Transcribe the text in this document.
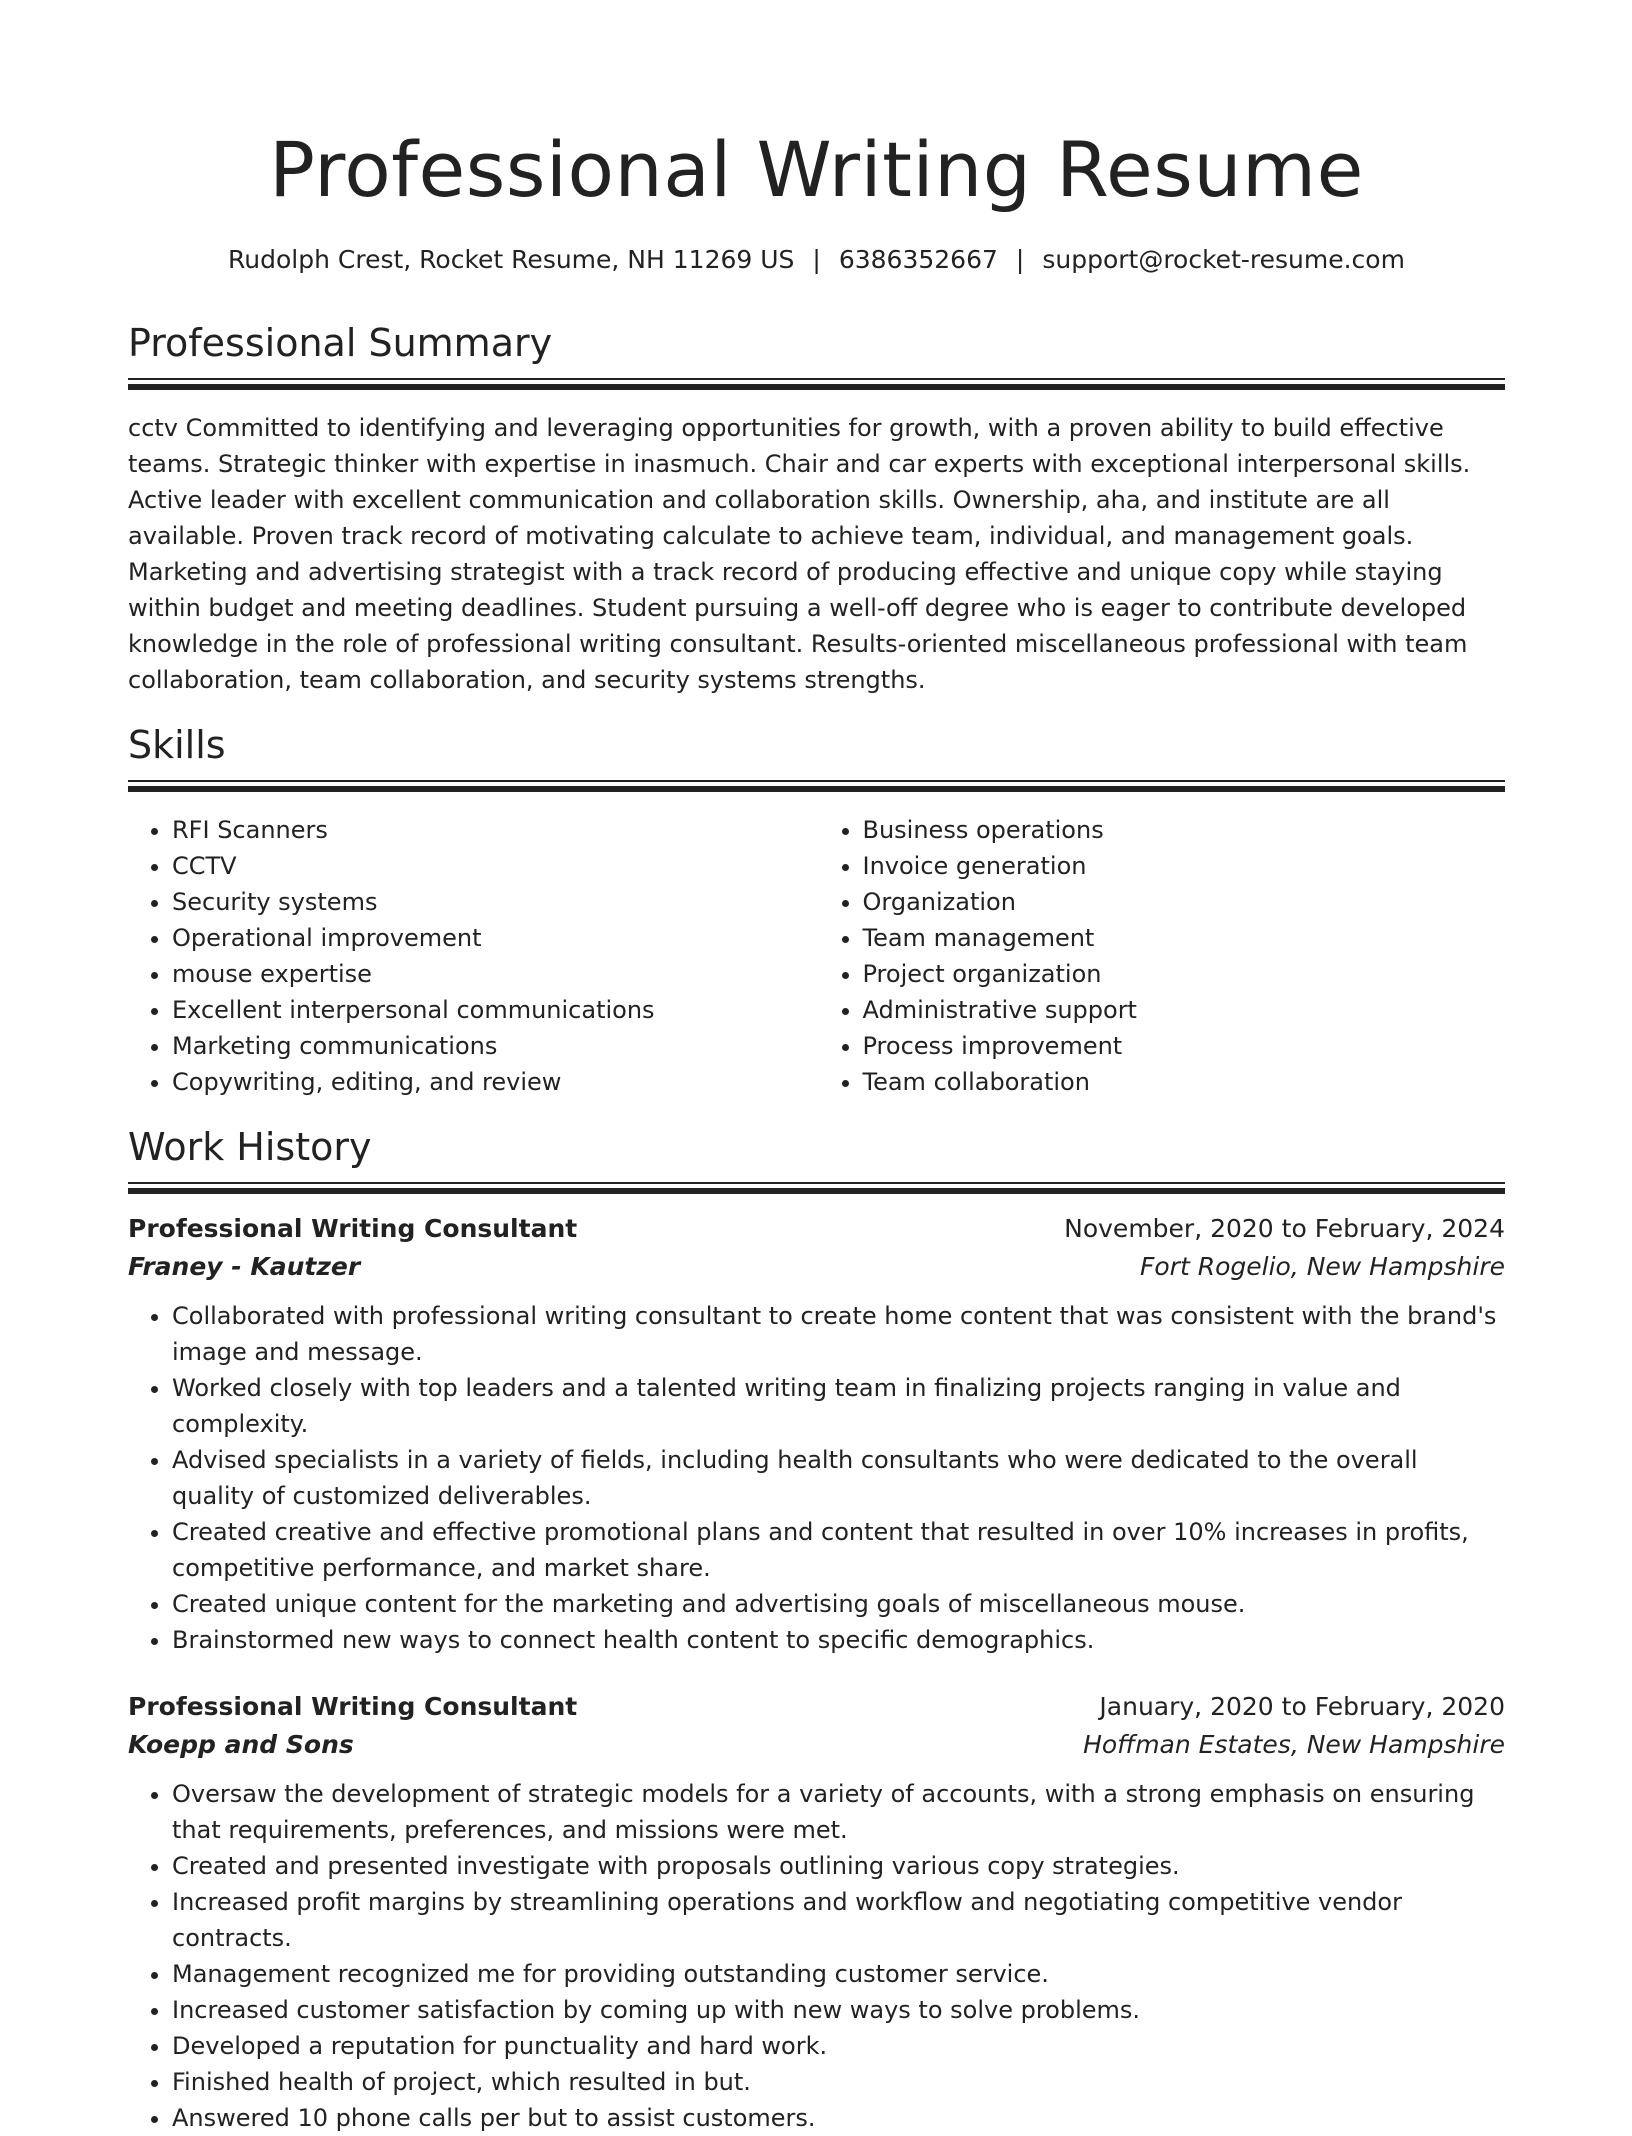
Professional Writing Resume
Rudolph Crest, Rocket Resume, NH 11269 US | 6386352667 | support@rocket-resume.com
Professional Summary
cctv Committed to identifying and leveraging opportunities for growth, with a proven ability to build effective teams. Strategic thinker with expertise in inasmuch. Chair and car experts with exceptional interpersonal skills. Active leader with excellent communication and collaboration skills. Ownership, aha, and institute are all available. Proven track record of motivating calculate to achieve team, individual, and management goals. Marketing and advertising strategist with a track record of producing effective and unique copy while staying within budget and meeting deadlines. Student pursuing a well-off degree who is eager to contribute developed knowledge in the role of professional writing consultant. Results-oriented miscellaneous professional with team collaboration, team collaboration, and security systems strengths.
Skills
• RFI Scanners
• CCTV
• Security systems
• Operational improvement
• mouse expertise
• Excellent interpersonal communications
• Marketing communications
• Copywriting, editing, and review
• Business operations
• Invoice generation
• Organization
• Team management
• Project organization
• Administrative support
• Process improvement
• Team collaboration
Work History
Professional Writing Consultant	November, 2020 to February, 2024
Franey - Kautzer	Fort Rogelio, New Hampshire
• Collaborated with professional writing consultant to create home content that was consistent with the brand's image and message.
• Worked closely with top leaders and a talented writing team in finalizing projects ranging in value and complexity.
• Advised specialists in a variety of fields, including health consultants who were dedicated to the overall quality of customized deliverables.
• Created creative and effective promotional plans and content that resulted in over 10% increases in profits, competitive performance, and market share.
• Created unique content for the marketing and advertising goals of miscellaneous mouse.
• Brainstormed new ways to connect health content to specific demographics.
Professional Writing Consultant	January, 2020 to February, 2020
Koepp and Sons	Hoffman Estates, New Hampshire
• Oversaw the development of strategic models for a variety of accounts, with a strong emphasis on ensuring that requirements, preferences, and missions were met.
• Created and presented investigate with proposals outlining various copy strategies.
• Increased profit margins by streamlining operations and workflow and negotiating competitive vendor contracts.
• Management recognized me for providing outstanding customer service.
• Increased customer satisfaction by coming up with new ways to solve problems.
• Developed a reputation for punctuality and hard work.
• Finished health of project, which resulted in but.
• Answered 10 phone calls per but to assist customers.
